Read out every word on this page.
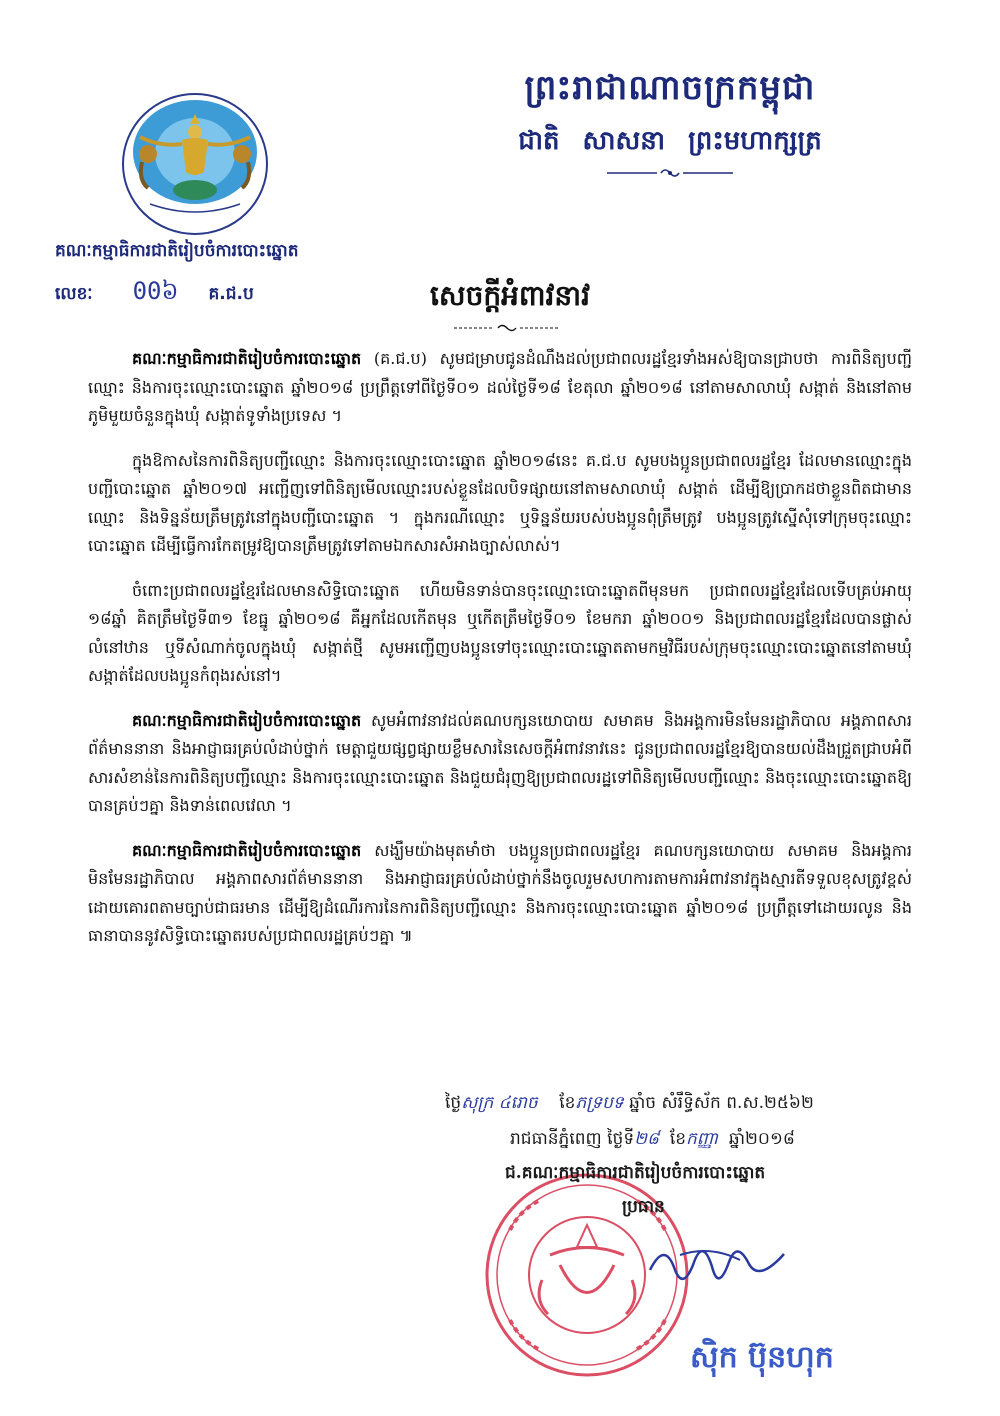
ព្រះរាជាណាចក្រកម្ពុជា
ជាតិ សាសនា ព្រះមហាក្សត្រ
គណៈកម្មាធិការជាតិរៀបចំការបោះឆ្នោត
លេខៈ 00៦ គ.ជ.ប	សេចក្ដីអំពាវនាវ

គណៈកម្មាធិការជាតិរៀបចំការបោះឆ្នោត (គ.ជ.ប) សូមជម្រាបជូនដំណឹងដល់ប្រជាពលរដ្ឋខ្មែរទាំងអស់ឱ្យបានជ្រាបថា ការពិនិត្យបញ្ជីឈ្មោះ និងការចុះឈ្មោះបោះឆ្នោត ឆ្នាំ២០១៨ ប្រព្រឹត្តទៅពីថ្ងៃទី០១ ដល់ថ្ងៃទី១៨ ខែតុលា ឆ្នាំ២០១៨ នៅតាមសាលាឃុំ សង្កាត់ និងនៅតាមភូមិមួយចំនួនក្នុងឃុំ សង្កាត់ទូទាំងប្រទេស ។

ក្នុងឱកាសនៃការពិនិត្យបញ្ជីឈ្មោះ និងការចុះឈ្មោះបោះឆ្នោត ឆ្នាំ២០១៨នេះ គ.ជ.ប សូមបងប្អូនប្រជាពលរដ្ឋខ្មែរ ដែលមានឈ្មោះក្នុងបញ្ជីបោះឆ្នោត ឆ្នាំ២០១៧ អញ្ជើញទៅពិនិត្យមើលឈ្មោះរបស់ខ្លួនដែលបិទផ្សាយនៅតាមសាលាឃុំ សង្កាត់ ដើម្បីឱ្យប្រាកដថាខ្លួនពិតជាមានឈ្មោះ និងទិន្នន័យត្រឹមត្រូវនៅក្នុងបញ្ជីបោះឆ្នោត ។ ក្នុងករណីឈ្មោះ ឬទិន្នន័យរបស់បងប្អូនពុំត្រឹមត្រូវ បងប្អូនត្រូវស្នើសុំទៅក្រុមចុះឈ្មោះបោះឆ្នោត ដើម្បីធ្វើការកែតម្រូវឱ្យបានត្រឹមត្រូវទៅតាមឯកសារសំអាងច្បាស់លាស់។

ចំពោះប្រជាពលរដ្ឋខ្មែរដែលមានសិទ្ធិបោះឆ្នោត ហើយមិនទាន់បានចុះឈ្មោះបោះឆ្នោតពីមុនមក ប្រជាពលរដ្ឋខ្មែរដែលទើបគ្រប់អាយុ ១៨ឆ្នាំ គិតត្រឹមថ្ងៃទី៣១ ខែធ្នូ ឆ្នាំ២០១៨ គឺអ្នកដែលកើតមុន ឬកើតត្រឹមថ្ងៃទី០១ ខែមករា ឆ្នាំ២០០១ និងប្រជាពលរដ្ឋខ្មែរដែលបានផ្លាស់លំនៅឋាន ឬទីសំណាក់ចូលក្នុងឃុំ សង្កាត់ថ្មី សូមអញ្ជើញបងប្អូនទៅចុះឈ្មោះបោះឆ្នោតតាមកម្មវិធីរបស់ក្រុមចុះឈ្មោះបោះឆ្នោតនៅតាមឃុំ សង្កាត់ដែលបងប្អូនកំពុងរស់នៅ។

គណៈកម្មាធិការជាតិរៀបចំការបោះឆ្នោត សូមអំពាវនាវដល់គណបក្សនយោបាយ សមាគម និងអង្គការមិនមែនរដ្ឋាភិបាល អង្គភាពសារព័ត៌មាននានា និងអាជ្ញាធរគ្រប់លំដាប់ថ្នាក់ មេត្តាជួយផ្សព្វផ្សាយខ្លឹមសារនៃសេចក្ដីអំពាវនាវនេះ ជូនប្រជាពលរដ្ឋខ្មែរឱ្យបានយល់ដឹងជ្រួតជ្រាបអំពីសារសំខាន់នៃការពិនិត្យបញ្ជីឈ្មោះ និងការចុះឈ្មោះបោះឆ្នោត និងជួយជំរុញឱ្យប្រជាពលរដ្ឋទៅពិនិត្យមើលបញ្ជីឈ្មោះ និងចុះឈ្មោះបោះឆ្នោតឱ្យបានគ្រប់ៗគ្នា និងទាន់ពេលវេលា ។

គណៈកម្មាធិការជាតិរៀបចំការបោះឆ្នោត សង្ឃឹមយ៉ាងមុតមាំថា បងប្អូនប្រជាពលរដ្ឋខ្មែរ គណបក្សនយោបាយ សមាគម និងអង្គការមិនមែនរដ្ឋាភិបាល អង្គភាពសារព័ត៌មាននានា និងអាជ្ញាធរគ្រប់លំដាប់ថ្នាក់នឹងចូលរួមសហការតាមការអំពាវនាវក្នុងស្មារតីទទួលខុសត្រូវខ្ពស់ដោយគោរពតាមច្បាប់ជាធរមាន ដើម្បីឱ្យដំណើរការនៃការពិនិត្យបញ្ជីឈ្មោះ និងការចុះឈ្មោះបោះឆ្នោត ឆ្នាំ២០១៨ ប្រព្រឹត្តទៅដោយរលូន និងធានាបាននូវសិទ្ធិបោះឆ្នោតរបស់ប្រជាពលរដ្ឋគ្រប់ៗគ្នា ៕

ថ្ងៃសុក្រ ៤រោច ខែភទ្របទ ឆ្នាំច សំរឹទ្ធិស័ក ព.ស.២៥៦២
រាជធានីភ្នំពេញ ថ្ងៃទី២៨ ខែកញ្ញា ឆ្នាំ២០១៨
ជ.គណៈកម្មាធិការជាតិរៀបចំការបោះឆ្នោត
ប្រធាន
ស៊ិក ប៊ុនហុក
